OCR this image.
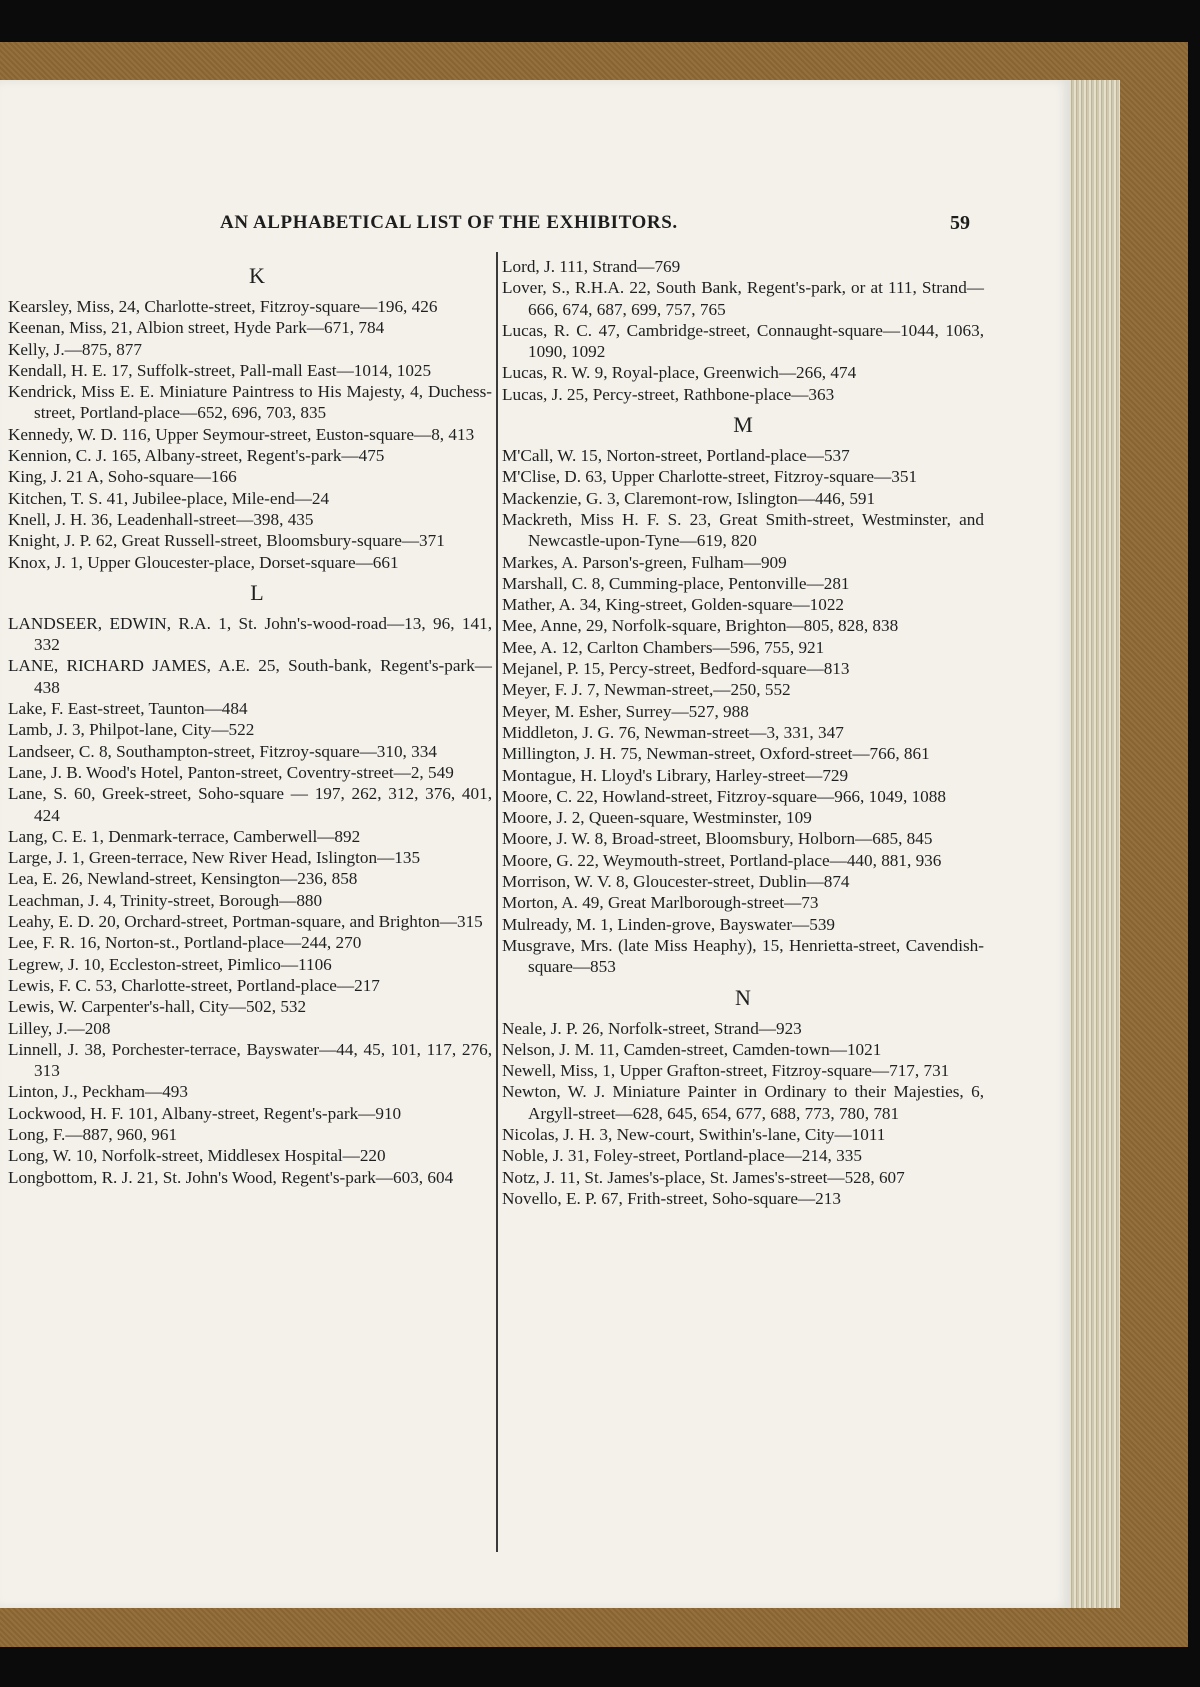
AN ALPHABETICAL LIST OF THE EXHIBITORS.	59
K

Kearsley, Miss, 24, Charlotte-street, Fitzroy-square—196, 426

Keenan, Miss, 21, Albion street, Hyde Park—671, 784

Kelly, J.—875, 877

Kendall, H. E. 17, Suffolk-street, Pall-mall East—1014, 1025

Kendrick, Miss E. E. Miniature Paintress to His Majesty, 4, Duchess-street, Portland-place—652, 696, 703, 835

Kennedy, W. D. 116, Upper Seymour-street, Euston-square—8, 413

Kennion, C. J. 165, Albany-street, Regent's-park—475

King, J. 21 A, Soho-square—166

Kitchen, T. S. 41, Jubilee-place, Mile-end—24

Knell, J. H. 36, Leadenhall-street—398, 435

Knight, J. P. 62, Great Russell-street, Bloomsbury-square—371

Knox, J. 1, Upper Gloucester-place, Dorset-square—661

L

LANDSEER, EDWIN, R.A. 1, St. John's-wood-road—13, 96, 141, 332

LANE, RICHARD JAMES, A.E. 25, South-bank, Regent's-park—438

Lake, F. East-street, Taunton—484

Lamb, J. 3, Philpot-lane, City—522

Landseer, C. 8, Southampton-street, Fitzroy-square—310, 334

Lane, J. B. Wood's Hotel, Panton-street, Coventry-street—2, 549

Lane, S. 60, Greek-street, Soho-square — 197, 262, 312, 376, 401, 424

Lang, C. E. 1, Denmark-terrace, Camberwell—892

Large, J. 1, Green-terrace, New River Head, Islington—135

Lea, E. 26, Newland-street, Kensington—236, 858

Leachman, J. 4, Trinity-street, Borough—880

Leahy, E. D. 20, Orchard-street, Portman-square, and Brighton—315

Lee, F. R. 16, Norton-st., Portland-place—244, 270

Legrew, J. 10, Eccleston-street, Pimlico—1106

Lewis, F. C. 53, Charlotte-street, Portland-place—217

Lewis, W. Carpenter's-hall, City—502, 532

Lilley, J.—208

Linnell, J. 38, Porchester-terrace, Bayswater—44, 45, 101, 117, 276, 313

Linton, J., Peckham—493

Lockwood, H. F. 101, Albany-street, Regent's-park—910

Long, F.—887, 960, 961

Long, W. 10, Norfolk-street, Middlesex Hospital—220

Longbottom, R. J. 21, St. John's Wood, Regent's-park—603, 604

Lord, J. 111, Strand—769

Lover, S., R.H.A. 22, South Bank, Regent's-park, or at 111, Strand—666, 674, 687, 699, 757, 765

Lucas, R. C. 47, Cambridge-street, Connaught-square—1044, 1063, 1090, 1092

Lucas, R. W. 9, Royal-place, Greenwich—266, 474

Lucas, J. 25, Percy-street, Rathbone-place—363

M

M'Call, W. 15, Norton-street, Portland-place—537

M'Clise, D. 63, Upper Charlotte-street, Fitzroy-square—351

Mackenzie, G. 3, Claremont-row, Islington—446, 591

Mackreth, Miss H. F. S. 23, Great Smith-street, Westminster, and Newcastle-upon-Tyne—619, 820

Markes, A. Parson's-green, Fulham—909

Marshall, C. 8, Cumming-place, Pentonville—281

Mather, A. 34, King-street, Golden-square—1022

Mee, Anne, 29, Norfolk-square, Brighton—805, 828, 838

Mee, A. 12, Carlton Chambers—596, 755, 921

Mejanel, P. 15, Percy-street, Bedford-square—813

Meyer, F. J. 7, Newman-street,—250, 552

Meyer, M. Esher, Surrey—527, 988

Middleton, J. G. 76, Newman-street—3, 331, 347

Millington, J. H. 75, Newman-street, Oxford-street—766, 861

Montague, H. Lloyd's Library, Harley-street—729

Moore, C. 22, Howland-street, Fitzroy-square—966, 1049, 1088

Moore, J. 2, Queen-square, Westminster, 109

Moore, J. W. 8, Broad-street, Bloomsbury, Holborn—685, 845

Moore, G. 22, Weymouth-street, Portland-place—440, 881, 936

Morrison, W. V. 8, Gloucester-street, Dublin—874

Morton, A. 49, Great Marlborough-street—73

Mulready, M. 1, Linden-grove, Bayswater—539

Musgrave, Mrs. (late Miss Heaphy), 15, Henrietta-street, Cavendish-square—853

N

Neale, J. P. 26, Norfolk-street, Strand—923

Nelson, J. M. 11, Camden-street, Camden-town—1021

Newell, Miss, 1, Upper Grafton-street, Fitzroy-square—717, 731

Newton, W. J. Miniature Painter in Ordinary to their Majesties, 6, Argyll-street—628, 645, 654, 677, 688, 773, 780, 781

Nicolas, J. H. 3, New-court, Swithin's-lane, City—1011

Noble, J. 31, Foley-street, Portland-place—214, 335

Notz, J. 11, St. James's-place, St. James's-street—528, 607

Novello, E. P. 67, Frith-street, Soho-square—213
